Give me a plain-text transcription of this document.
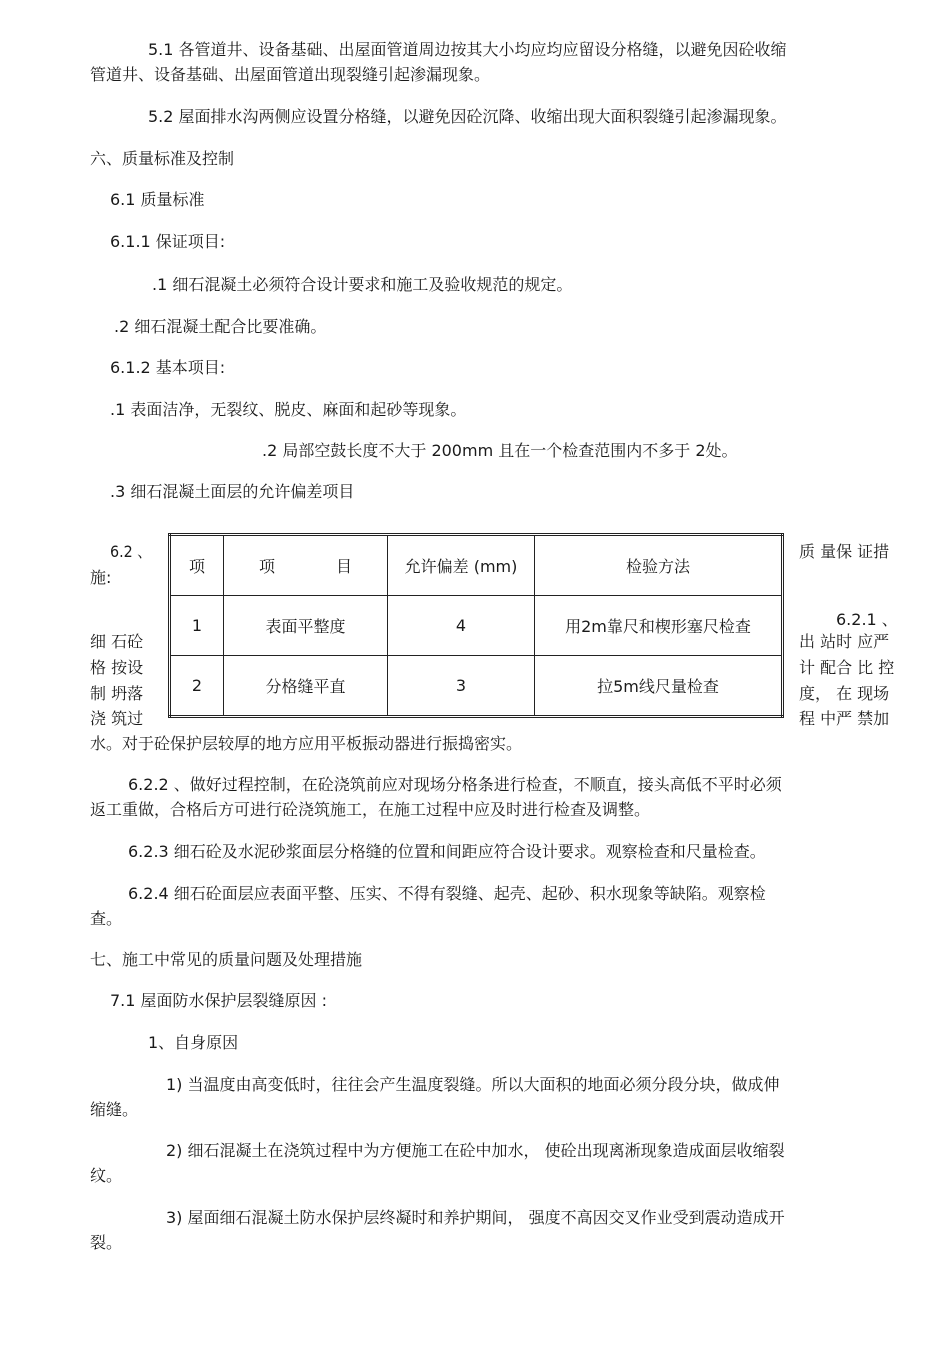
5.1 各管道井、设备基础、出屋面管道周边按其大小均应均应留设分格缝，以避免因砼收缩
管道井、设备基础、出屋面管道出现裂缝引起渗漏现象。
5.2 屋面排水沟两侧应设置分格缝，以避免因砼沉降、收缩出现大面积裂缝引起渗漏现象。
六、质量标准及控制
6.1 质量标准
6.1.1 保证项目:
.1 细石混凝土必须符合设计要求和施工及验收规范的规定。
.2 细石混凝土配合比要准确。
6.1.2 基本项目:
.1 表面洁净，无裂纹、脱皮、麻面和起砂等现象。
.2 局部空鼓长度不大于 200mm 且在一个检查范围内不多于 2处。
.3 细石混凝土面层的允许偏差项目
6.2 、
施:
细 石砼
格 按设
制 坍落
浇 筑过
质 量保 证措
6.2.1 、
出 站时 应严
计 配合 比 控
度， 在 现场
程 中严 禁加
项	项            目	允许偏差 (mm)	检验方法
1	表面平整度	4	用2m靠尺和楔形塞尺检查
2	分格缝平直	3	拉5m线尺量检查
水。对于砼保护层较厚的地方应用平板振动器进行振捣密实。
6.2.2 、做好过程控制，在砼浇筑前应对现场分格条进行检查，不顺直，接头高低不平时必须
返工重做，合格后方可进行砼浇筑施工，在施工过程中应及时进行检查及调整。
6.2.3 细石砼及水泥砂浆面层分格缝的位置和间距应符合设计要求。观察检查和尺量检查。
6.2.4 细石砼面层应表面平整、压实、不得有裂缝、起壳、起砂、积水现象等缺陷。观察检
查。
七、施工中常见的质量问题及处理措施
7.1 屋面防水保护层裂缝原因 :
1、自身原因
1) 当温度由高变低时，往往会产生温度裂缝。所以大面积的地面必须分段分块，做成伸
缩缝。
2) 细石混凝土在浇筑过程中为方便施工在砼中加水， 使砼出现离淅现象造成面层收缩裂
纹。
3) 屋面细石混凝土防水保护层终凝时和养护期间， 强度不高因交叉作业受到震动造成开
裂。
